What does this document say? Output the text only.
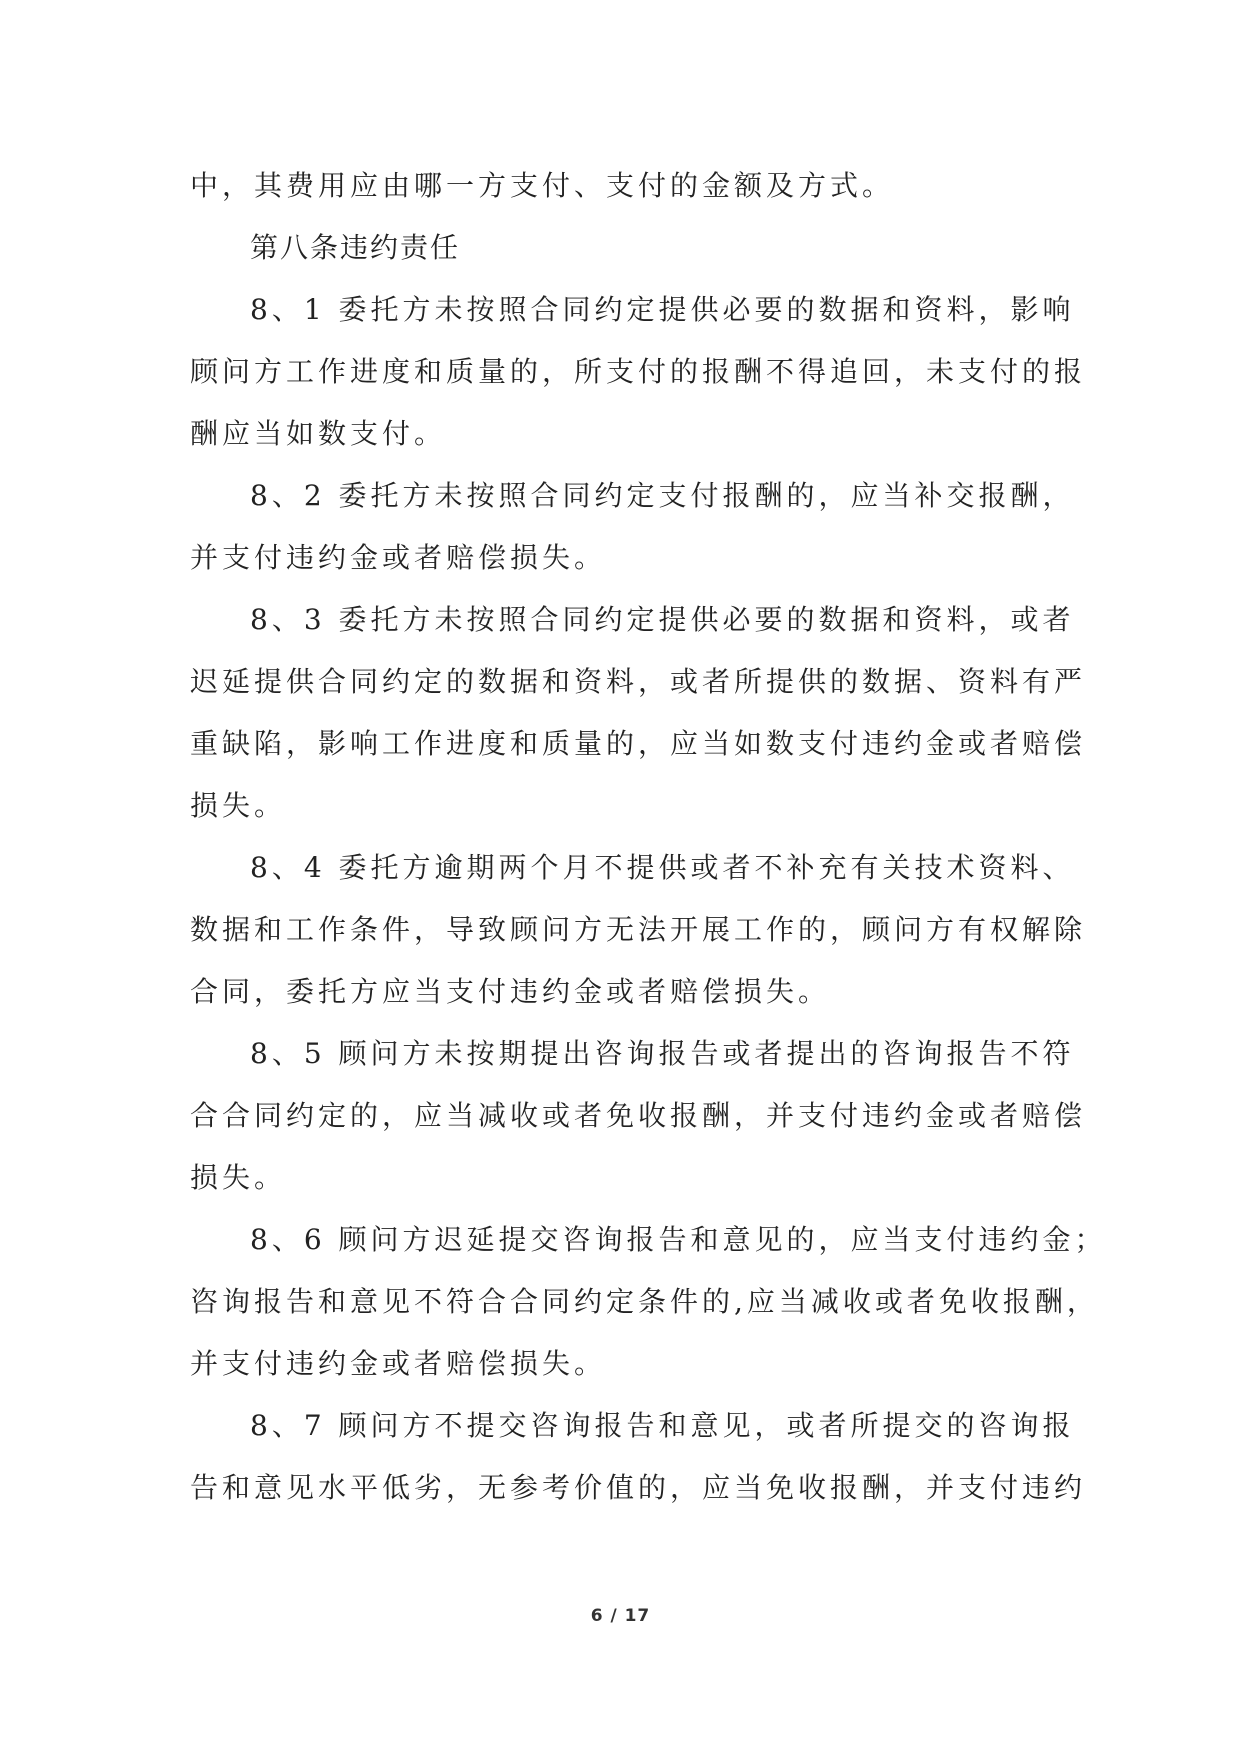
中，其费用应由哪一方支付、支付的金额及方式。
第八条违约责任
8、1 委托方未按照合同约定提供必要的数据和资料，影响
顾问方工作进度和质量的，所支付的报酬不得追回，未支付的报
酬应当如数支付。
8、2 委托方未按照合同约定支付报酬的，应当补交报酬，
并支付违约金或者赔偿损失。
8、3 委托方未按照合同约定提供必要的数据和资料，或者
迟延提供合同约定的数据和资料，或者所提供的数据、资料有严
重缺陷，影响工作进度和质量的，应当如数支付违约金或者赔偿
损失。
8、4 委托方逾期两个月不提供或者不补充有关技术资料、
数据和工作条件，导致顾问方无法开展工作的，顾问方有权解除
合同，委托方应当支付违约金或者赔偿损失。
8、5 顾问方未按期提出咨询报告或者提出的咨询报告不符
合合同约定的，应当减收或者免收报酬，并支付违约金或者赔偿
损失。
8、6 顾问方迟延提交咨询报告和意见的，应当支付违约金；
咨询报告和意见不符合合同约定条件的,应当减收或者免收报酬，
并支付违约金或者赔偿损失。
8、7 顾问方不提交咨询报告和意见，或者所提交的咨询报
告和意见水平低劣，无参考价值的，应当免收报酬，并支付违约
6 / 17
